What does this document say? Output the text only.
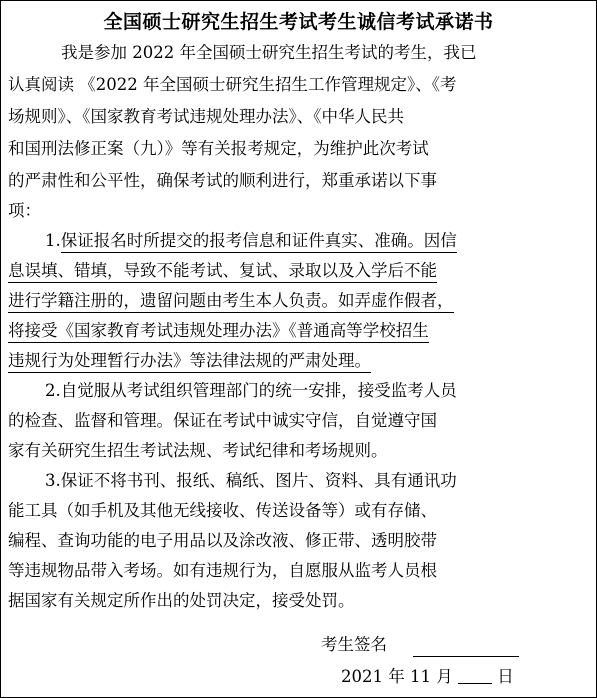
全国硕士研究生招生考试考生诚信考试承诺书
我是参加 2022 年全国硕士研究生招生考试的考生，我已
认真阅读 《2022 年全国硕士研究生招生工作管理规定》、《考
场规则》、《国家教育考试违规处理办法》、《中华人民共
和国刑法修正案（九）》等有关报考规定，为维护此次考试
的严肃性和公平性，确保考试的顺利进行，郑重承诺以下事
项：
1.保证报名时所提交的报考信息和证件真实、准确。因信
息误填、错填，导致不能考试、复试、录取以及入学后不能
进行学籍注册的，遗留问题由考生本人负责。如弄虚作假者，
将接受《国家教育考试违规处理办法》《普通高等学校招生
违规行为处理暂行办法》等法律法规的严肃处理。
2.自觉服从考试组织管理部门的统一安排，接受监考人员
的检查、监督和管理。保证在考试中诚实守信，自觉遵守国
家有关研究生招生考试法规、考试纪律和考场规则。
3.保证不将书刊、报纸、稿纸、图片、资料、具有通讯功
能工具（如手机及其他无线接收、传送设备等）或有存储、
编程、查询功能的电子用品以及涂改液、修正带、透明胶带
等违规物品带入考场。如有违规行为，自愿服从监考人员根
据国家有关规定所作出的处罚决定，接受处罚。
考生签名
2021 年 11 月	日
